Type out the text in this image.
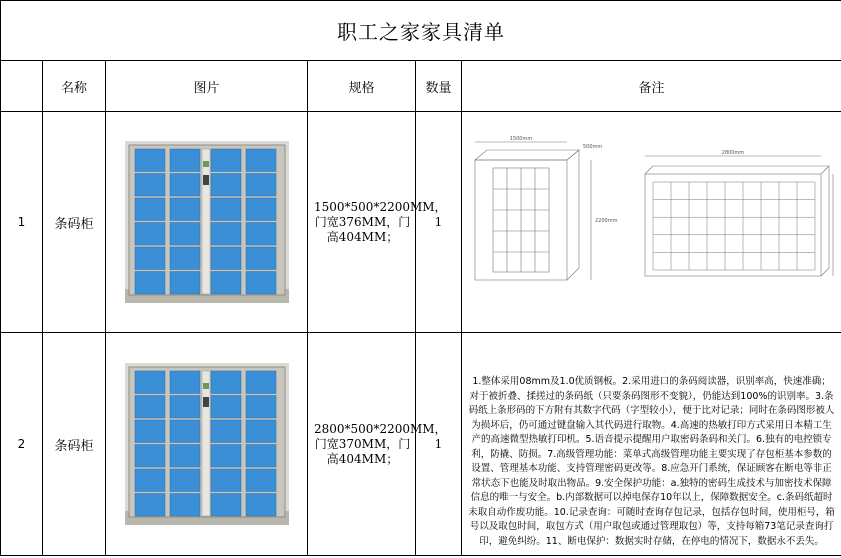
职工之家家具清单					
	名称	图片	规格	数量	备注
1	条码柜		1500*500*2200MM，门宽376MM，门高404MM；	1	1500mm
2800mm
2200mm
500mm

2	条码柜		2800*500*2200MM，门宽370MM，门高404MM；	1	1.整体采用08mm及1.0优质钢板。2.采用进口的条码阅读器，识别率高，快速准确；对于被折叠、揉搓过的条码纸（只要条码图形不变貌），仍能达到100%的识别率。3.条码纸上条形码的下方附有其数字代码（字型较小），便于比对记录；同时在条码图形被人为损坏后，仍可通过键盘输入其代码进行取物。4.高速的热敏打印方式采用日本精工生产的高速微型热敏打印机。5.语音提示提醒用户取密码条码和关门。6.独有的电控锁专利，防撬、防损。7.高级管理功能：菜单式高级管理功能主要实现了存包柜基本参数的设置、管理基本功能、支持管理密码更改等。8.应急开门系统，保证顾客在断电等非正常状态下也能及时取出物品。9.安全保护功能：a.独特的密码生成技术与加密技术保障信息的唯一与安全。b.内部数据可以掉电保存10年以上，保障数据安全。c.条码纸超时未取自动作废功能。10.记录查询：可随时查询存包记录，包括存包时间，使用柜号，箱号以及取包时间，取包方式（用户取包或通过管理取包）等，支持每箱73笔记录查询打印，避免纠纷。11、断电保护：数据实时存储，在停电的情况下，数据永不丢失。
